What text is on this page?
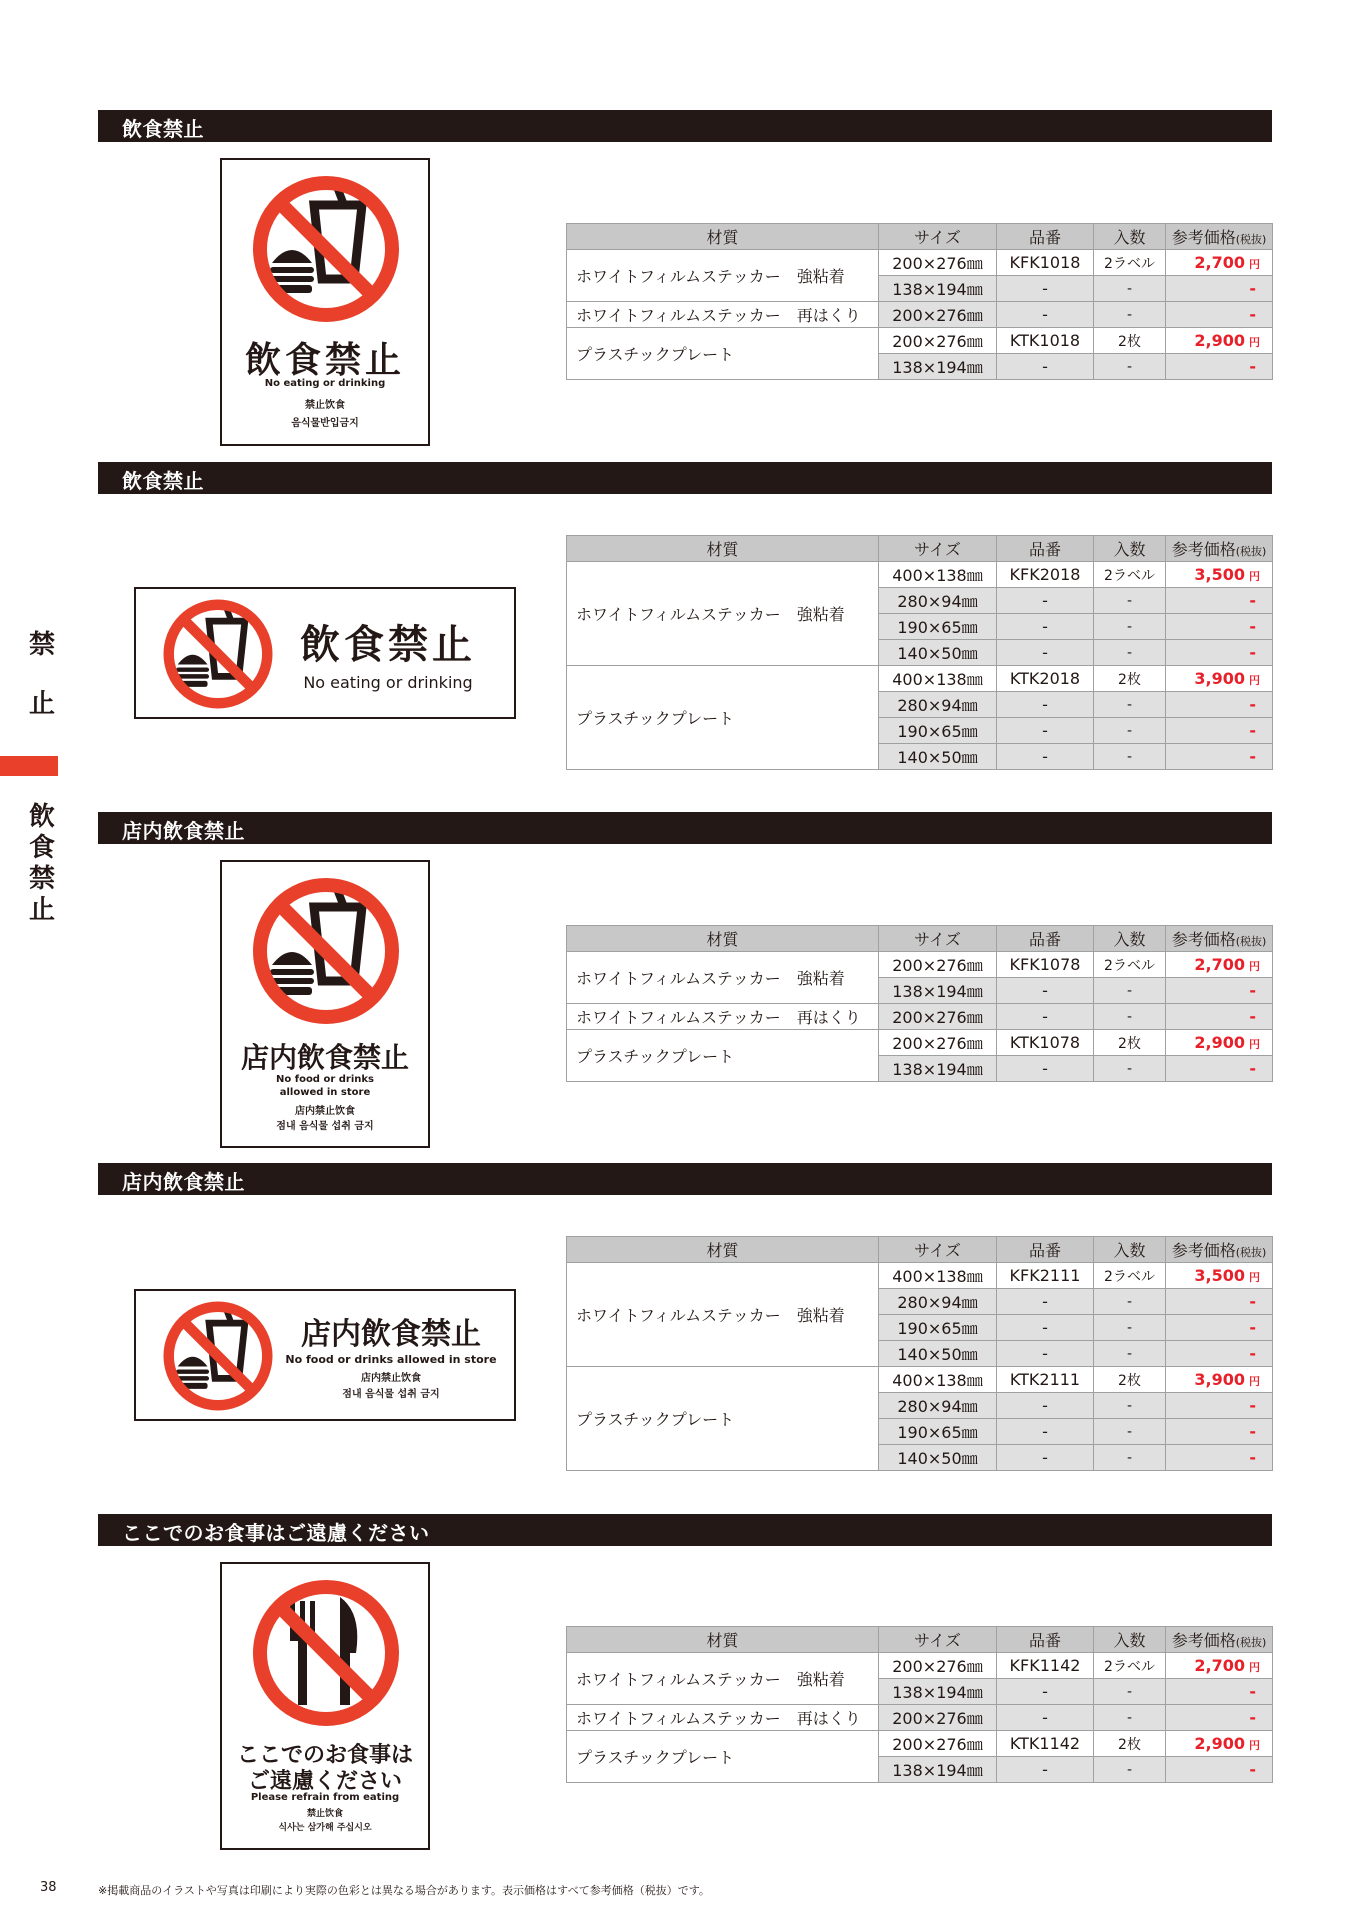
禁
止
飲
食
禁
止
飲食禁止
飲食禁止
No eating or drinking
禁止饮食
음식물반입금지
材質	サイズ	品番	入数	参考価格(税抜)
ホワイトフィルムステッカー　強粘着	200×276㎜	KFK1018	2ラベル	2,700 円
	138×194㎜	-	-	-
ホワイトフィルムステッカー　再はくり	200×276㎜	-	-	-
プラスチックプレート	200×276㎜	KTK1018	2枚	2,900 円
	138×194㎜	-	-	-
飲食禁止
飲食禁止
No eating or drinking
材質	サイズ	品番	入数	参考価格(税抜)
ホワイトフィルムステッカー　強粘着	400×138㎜	KFK2018	2ラベル	3,500 円
	280×94㎜	-	-	-
	190×65㎜	-	-	-
	140×50㎜	-	-	-
プラスチックプレート	400×138㎜	KTK2018	2枚	3,900 円
	280×94㎜	-	-	-
	190×65㎜	-	-	-
	140×50㎜	-	-	-
店内飲食禁止
店内飲食禁止
No food or drinks
allowed in store
店内禁止饮食
점내 음식물 섭취 금지
材質	サイズ	品番	入数	参考価格(税抜)
ホワイトフィルムステッカー　強粘着	200×276㎜	KFK1078	2ラベル	2,700 円
	138×194㎜	-	-	-
ホワイトフィルムステッカー　再はくり	200×276㎜	-	-	-
プラスチックプレート	200×276㎜	KTK1078	2枚	2,900 円
	138×194㎜	-	-	-
店内飲食禁止
店内飲食禁止
No food or drinks allowed in store
店内禁止饮食
점내 음식물 섭취 금지
材質	サイズ	品番	入数	参考価格(税抜)
ホワイトフィルムステッカー　強粘着	400×138㎜	KFK2111	2ラベル	3,500 円
	280×94㎜	-	-	-
	190×65㎜	-	-	-
	140×50㎜	-	-	-
プラスチックプレート	400×138㎜	KTK2111	2枚	3,900 円
	280×94㎜	-	-	-
	190×65㎜	-	-	-
	140×50㎜	-	-	-
ここでのお食事はご遠慮ください
ここでのお食事は
ご遠慮ください
Please refrain from eating
禁止饮食
식사는 삼가해 주십시오
材質	サイズ	品番	入数	参考価格(税抜)
ホワイトフィルムステッカー　強粘着	200×276㎜	KFK1142	2ラベル	2,700 円
	138×194㎜	-	-	-
ホワイトフィルムステッカー　再はくり	200×276㎜	-	-	-
プラスチックプレート	200×276㎜	KTK1142	2枚	2,900 円
	138×194㎜	-	-	-
38	※掲載商品のイラストや写真は印刷により実際の色彩とは異なる場合があります。表示価格はすべて参考価格（税抜）です。
